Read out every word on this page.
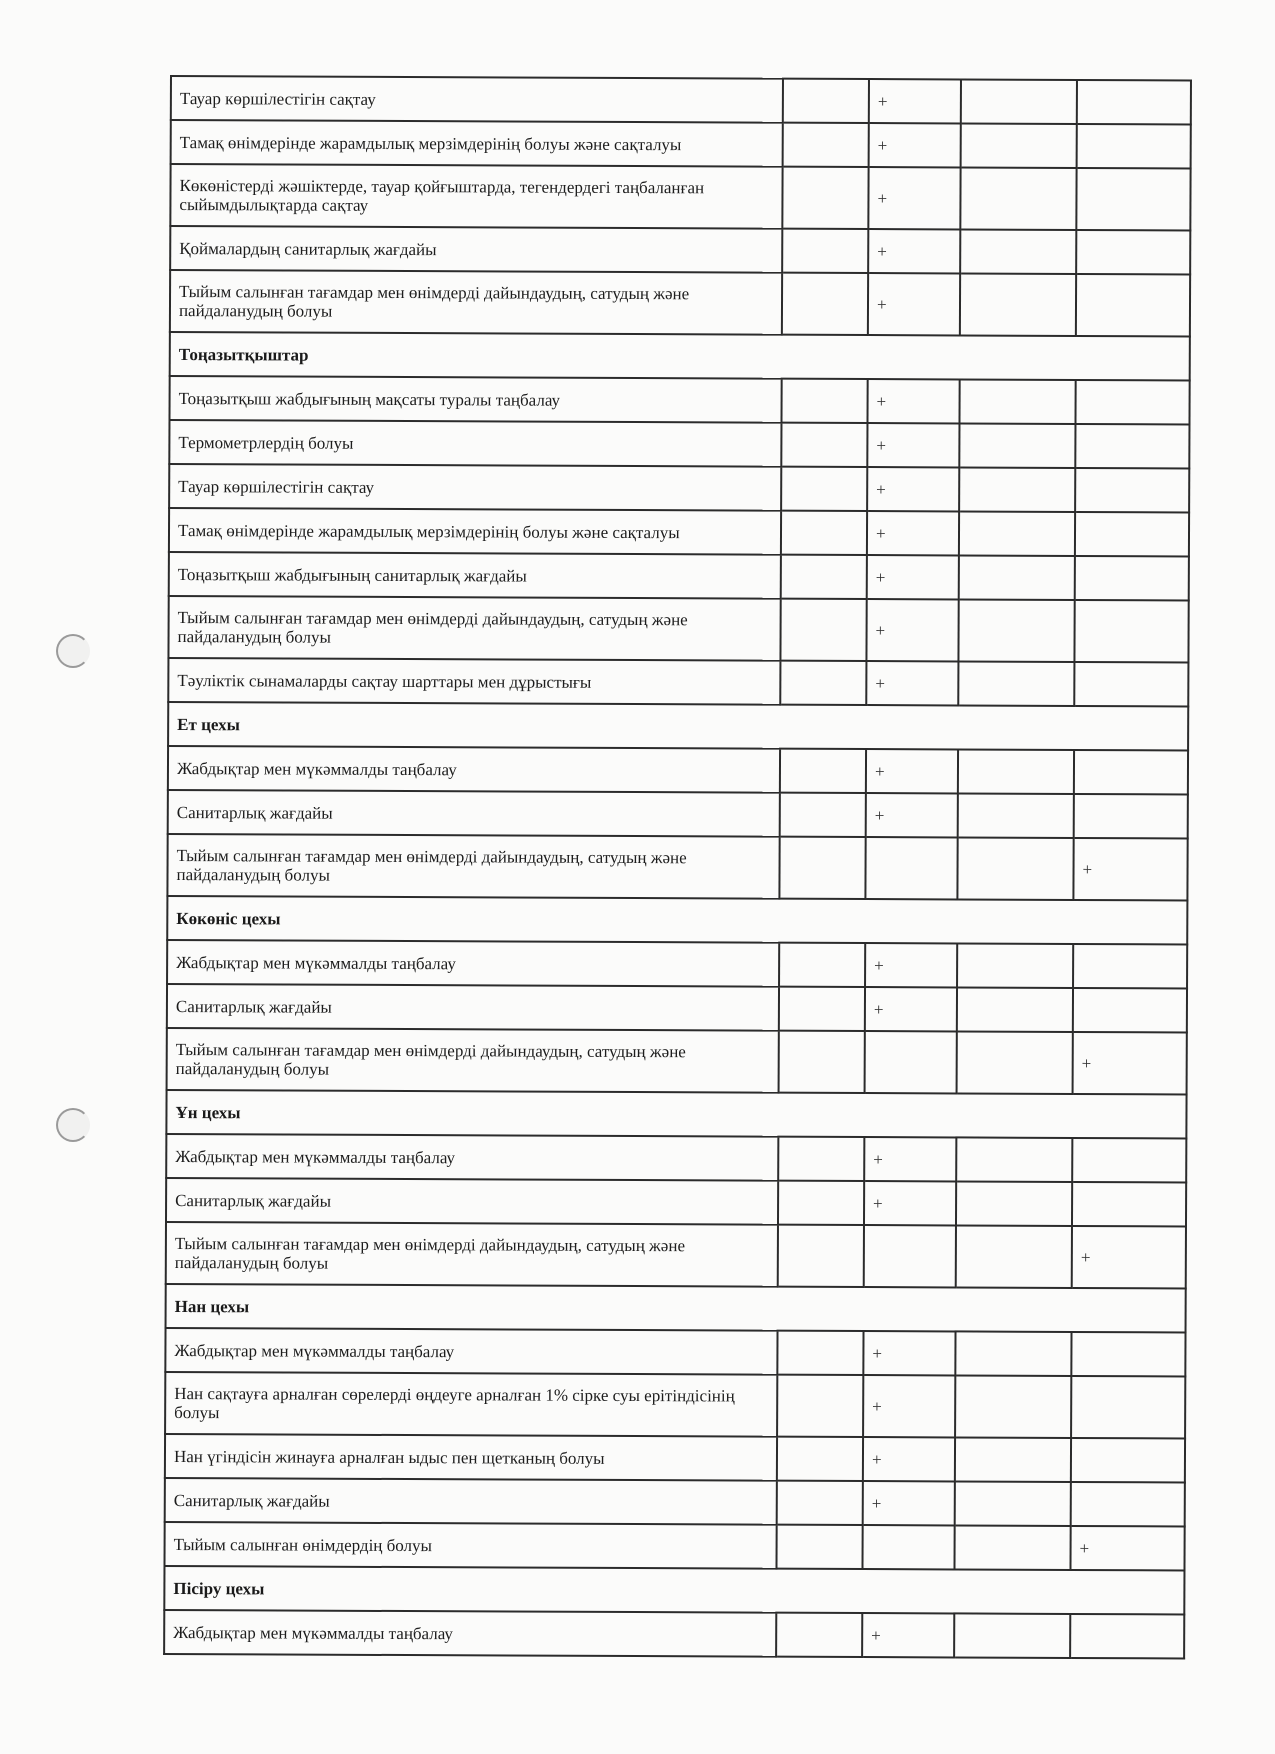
Тауар көршілестігін сақтау		+		
Тамақ өнімдерінде жарамдылық мерзімдерінің болуы және сақталуы		+		
Көкөністерді жәшіктерде, тауар қойғыштарда, тегендердегі таңбаланған сыйымдылықтарда сақтау		+		
Қоймалардың санитарлық жағдайы		+		
Тыйым салынған тағамдар мен өнімдерді дайындаудың, сатудың және пайдаланудың болуы		+		
Тоңазытқыштар				
Тоңазытқыш жабдығының мақсаты туралы таңбалау		+		
Термометрлердің болуы		+		
Тауар көршілестігін сақтау		+		
Тамақ өнімдерінде жарамдылық мерзімдерінің болуы және сақталуы		+		
Тоңазытқыш жабдығының санитарлық жағдайы		+		
Тыйым салынған тағамдар мен өнімдерді дайындаудың, сатудың және пайдаланудың болуы		+		
Тәуліктік сынамаларды сақтау шарттары мен дұрыстығы		+		
Ет цехы				
Жабдықтар мен мүкәммалды таңбалау		+		
Санитарлық жағдайы		+		
Тыйым салынған тағамдар мен өнімдерді дайындаудың, сатудың және пайдаланудың болуы				+
Көкөніс цехы				
Жабдықтар мен мүкәммалды таңбалау		+		
Санитарлық жағдайы		+		
Тыйым салынған тағамдар мен өнімдерді дайындаудың, сатудың және пайдаланудың болуы				+
Ұн цехы				
Жабдықтар мен мүкәммалды таңбалау		+		
Санитарлық жағдайы		+		
Тыйым салынған тағамдар мен өнімдерді дайындаудың, сатудың және пайдаланудың болуы				+
Нан цехы				
Жабдықтар мен мүкәммалды таңбалау		+		
Нан сақтауға арналған сөрелерді өңдеуге арналған 1% сірке суы ерітіндісінің болуы		+		
Нан үгіндісін жинауға арналған ыдыс пен щетканың болуы		+		
Санитарлық жағдайы		+		
Тыйым салынған өнімдердің болуы				+
Пісіру цехы				
Жабдықтар мен мүкәммалды таңбалау		+		
